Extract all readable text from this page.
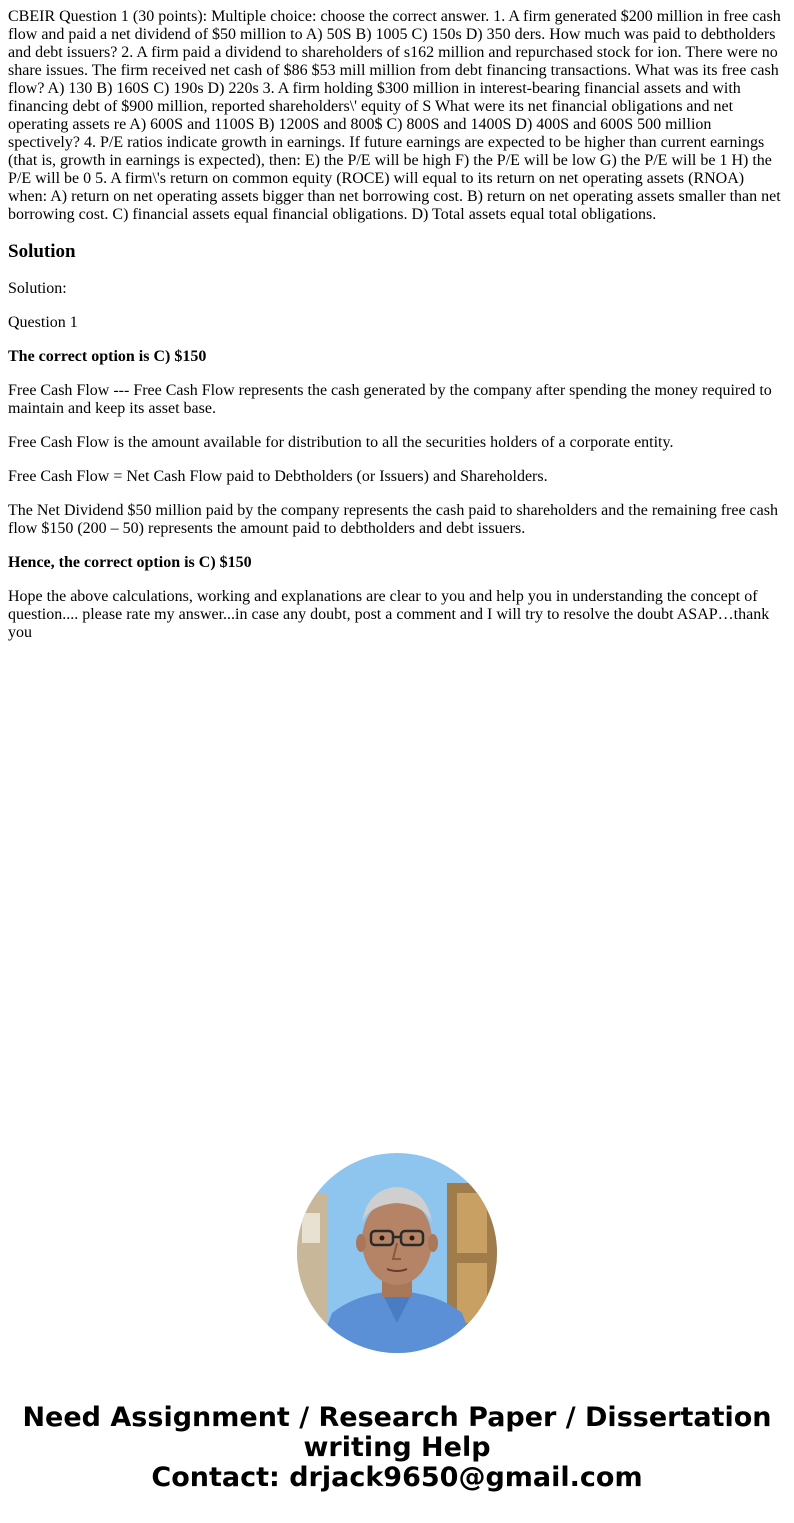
CBEIR Question 1 (30 points): Multiple choice: choose the correct answer. 1. A firm generated $200 million in free cash flow and paid a net dividend of $50 million to A) 50S B) 1005 C) 150s D) 350 ders. How much was paid to debtholders and debt issuers? 2. A firm paid a dividend to shareholders of s162 million and repurchased stock for ion. There were no share issues. The firm received net cash of $86 $53 mill million from debt financing transactions. What was its free cash flow? A) 130 B) 160S C) 190s D) 220s 3. A firm holding $300 million in interest-bearing financial assets and with financing debt of $900 million, reported shareholders\' equity of S What were its net financial obligations and net operating assets re A) 600S and 1100S B) 1200S and 800$ C) 800S and 1400S D) 400S and 600S 500 million spectively? 4. P/E ratios indicate growth in earnings. If future earnings are expected to be higher than current earnings (that is, growth in earnings is expected), then: E) the P/E will be high F) the P/E will be low G) the P/E will be 1 H) the P/E will be 0 5. A firm\'s return on common equity (ROCE) will equal to its return on net operating assets (RNOA) when: A) return on net operating assets bigger than net borrowing cost. B) return on net operating assets smaller than net borrowing cost. C) financial assets equal financial obligations. D) Total assets equal total obligations.
Solution

Solution:

Question 1

The correct option is C) $150

Free Cash Flow --- Free Cash Flow represents the cash generated by the company after spending the money required to maintain and keep its asset base.

Free Cash Flow is the amount available for distribution to all the securities holders of a corporate entity.

Free Cash Flow = Net Cash Flow paid to Debtholders (or Issuers) and Shareholders.

The Net Dividend $50 million paid by the company represents the cash paid to shareholders and the remaining free cash flow $150 (200 – 50) represents the amount paid to debtholders and debt issuers.

Hence, the correct option is C) $150

Hope the above calculations, working and explanations are clear to you and help you in understanding the concept of question.... please rate my answer...in case any doubt, post a comment and I will try to resolve the doubt ASAP…thank you

Need Assignment / Research Paper / Dissertation
writing Help
Contact: drjack9650@gmail.com
